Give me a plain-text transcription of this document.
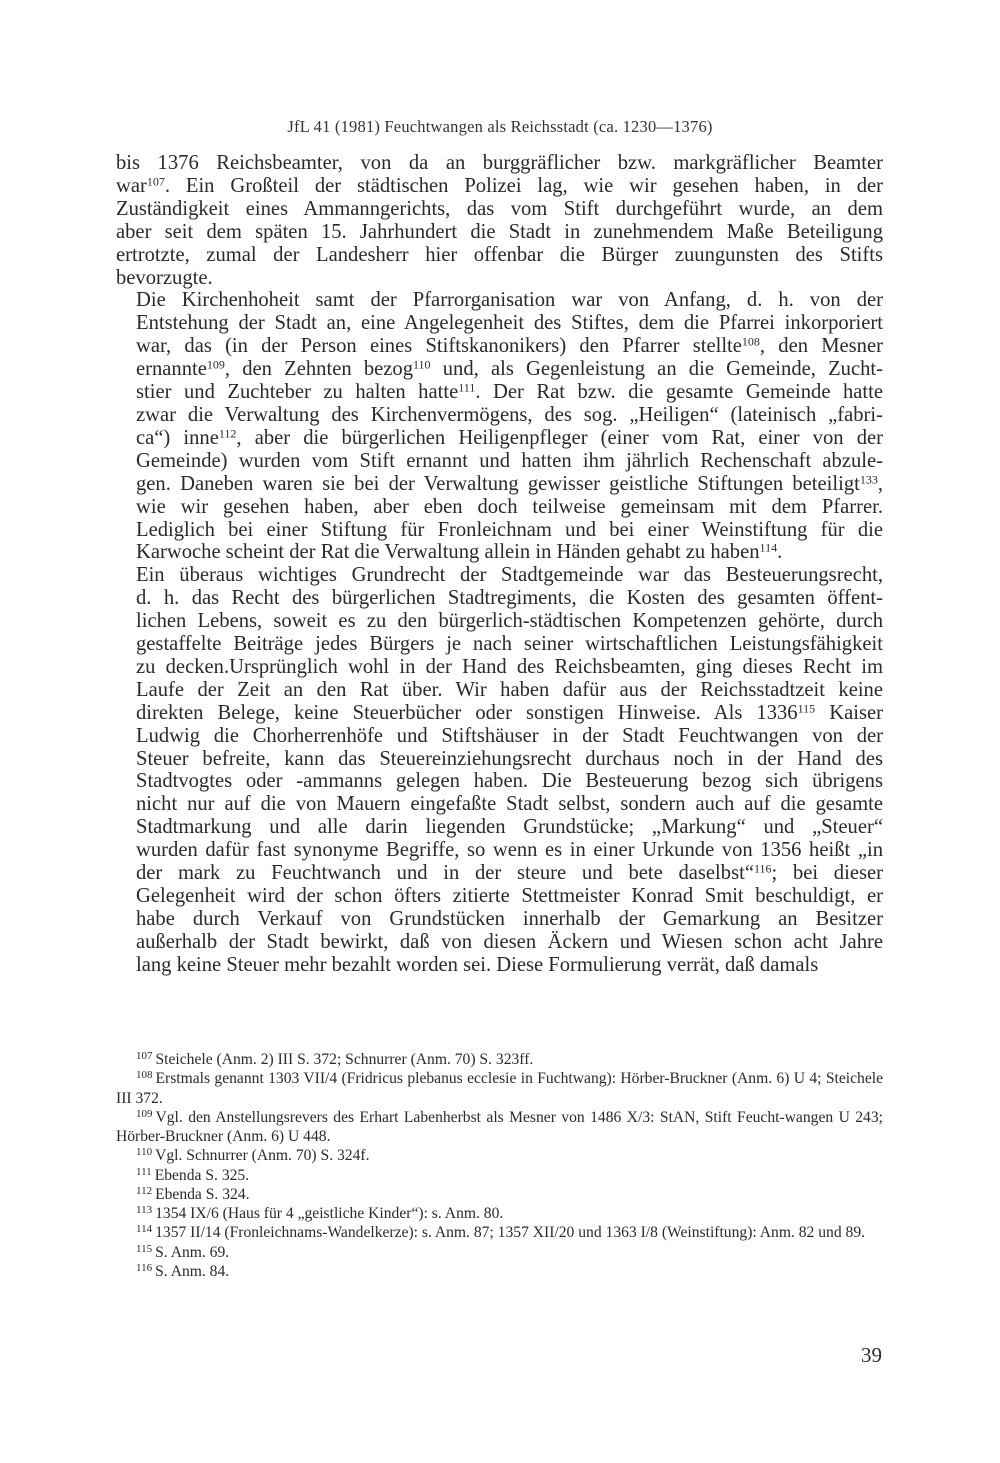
JfL 41 (1981) Feuchtwangen als Reichsstadt (ca. 1230—1376)

bis 1376 Reichsbeamter, von da an burggräflicher bzw. markgräflicher Beamter
war$^{107}$. Ein Großteil der städtischen Polizei lag, wie wir gesehen haben, in der
Zuständigkeit eines Ammanngerichts, das vom Stift durchgeführt wurde, an dem
aber seit dem späten 15. Jahrhundert die Stadt in zunehmendem Maße Beteiligung
ertrotzte, zumal der Landesherr hier offenbar die Bürger zuungunsten des Stifts
bevorzugte.

Die Kirchenhoheit samt der Pfarrorganisation war von Anfang, d. h. von der
Entstehung der Stadt an, eine Angelegenheit des Stiftes, dem die Pfarrei inkorporiert
war, das (in der Person eines Stiftskanonikers) den Pfarrer stellte$^{108}$, den Mesner
ernannte$^{109}$, den Zehnten bezog$^{110}$ und, als Gegenleistung an die Gemeinde, Zucht-
stier und Zuchteber zu halten hatte$^{111}$. Der Rat bzw. die gesamte Gemeinde hatte
zwar die Verwaltung des Kirchenvermögens, des sog. „Heiligen“ (lateinisch „fabri-
ca“) inne$^{112}$, aber die bürgerlichen Heiligenpfleger (einer vom Rat, einer von der
Gemeinde) wurden vom Stift ernannt und hatten ihm jährlich Rechenschaft abzule-
gen. Daneben waren sie bei der Verwaltung gewisser geistliche Stiftungen beteiligt$^{133}$,
wie wir gesehen haben, aber eben doch teilweise gemeinsam mit dem Pfarrer.
Lediglich bei einer Stiftung für Fronleichnam und bei einer Weinstiftung für die
Karwoche scheint der Rat die Verwaltung allein in Händen gehabt zu haben$^{114}$.

Ein überaus wichtiges Grundrecht der Stadtgemeinde war das Besteuerungsrecht,
d. h. das Recht des bürgerlichen Stadtregiments, die Kosten des gesamten öffent-
lichen Lebens, soweit es zu den bürgerlich-städtischen Kompetenzen gehörte, durch
gestaffelte Beiträge jedes Bürgers je nach seiner wirtschaftlichen Leistungsfähigkeit
zu decken.Ursprünglich wohl in der Hand des Reichsbeamten, ging dieses Recht im
Laufe der Zeit an den Rat über. Wir haben dafür aus der Reichsstadtzeit keine
direkten Belege, keine Steuerbücher oder sonstigen Hinweise. Als 1336$^{115}$ Kaiser
Ludwig die Chorherrenhöfe und Stiftshäuser in der Stadt Feuchtwangen von der
Steuer befreite, kann das Steuereinziehungsrecht durchaus noch in der Hand des
Stadtvogtes oder -ammanns gelegen haben. Die Besteuerung bezog sich übrigens
nicht nur auf die von Mauern eingefaßte Stadt selbst, sondern auch auf die gesamte
Stadtmarkung und alle darin liegenden Grundstücke; „Markung“ und „Steuer“
wurden dafür fast synonyme Begriffe, so wenn es in einer Urkunde von 1356 heißt „in
der mark zu Feuchtwanch und in der steure und bete daselbst“$^{116}$; bei dieser
Gelegenheit wird der schon öfters zitierte Stettmeister Konrad Smit beschuldigt, er
habe durch Verkauf von Grundstücken innerhalb der Gemarkung an Besitzer
außerhalb der Stadt bewirkt, daß von diesen Äckern und Wiesen schon acht Jahre
lang keine Steuer mehr bezahlt worden sei. Diese Formulierung verrät, daß damals

$^{107}$ Steichele (Anm. 2) III S. 372; Schnurrer (Anm. 70) S. 323ff.

$^{108}$ Erstmals genannt 1303 VII/4 (Fridricus plebanus ecclesie in Fuchtwang): Hörber-Bruckner (Anm. 6) U 4; Steichele III 372.

$^{109}$ Vgl. den Anstellungsrevers des Erhart Labenherbst als Mesner von 1486 X/3: StAN, Stift Feucht-wangen U 243; Hörber-Bruckner (Anm. 6) U 448.

$^{110}$ Vgl. Schnurrer (Anm. 70) S. 324f.

$^{111}$ Ebenda S. 325.

$^{112}$ Ebenda S. 324.

$^{113}$ 1354 IX/6 (Haus für 4 „geistliche Kinder“): s. Anm. 80.

$^{114}$ 1357 II/14 (Fronleichnams-Wandelkerze): s. Anm. 87; 1357 XII/20 und 1363 I/8 (Weinstiftung): Anm. 82 und 89.

$^{115}$ S. Anm. 69.

$^{116}$ S. Anm. 84.

39
